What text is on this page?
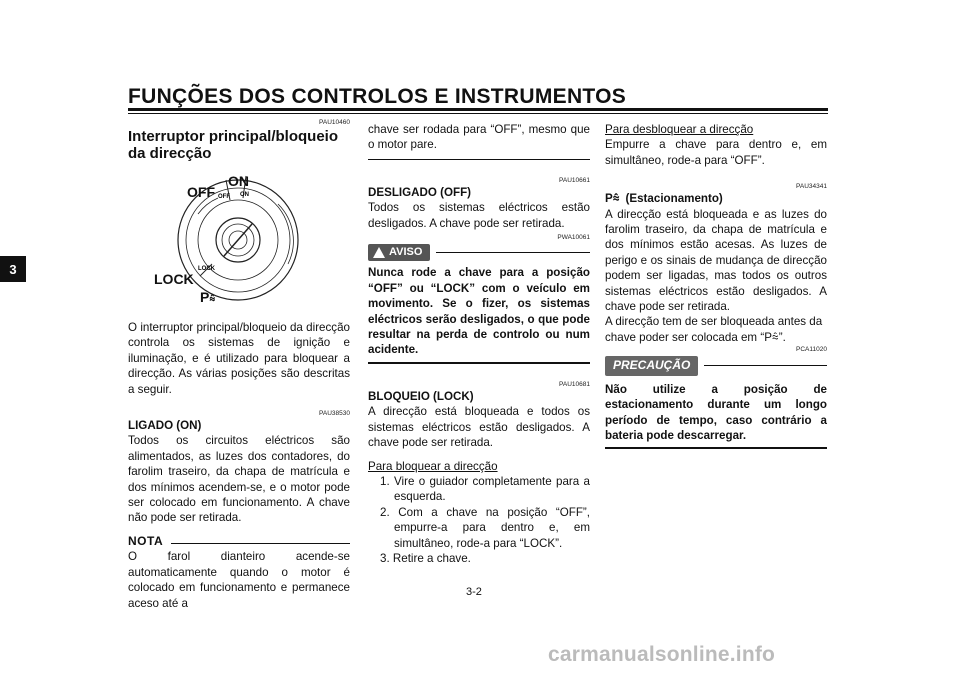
FUNÇÕES DOS CONTROLOS E INSTRUMENTOS
3
PAU10460
Interruptor principal/bloqueio da direcção
ON
OFF
LOCK
OFF
ON
LOCK
P⩯
O interruptor principal/bloqueio da direcção controla os sistemas de ignição e iluminação, e é utilizado para bloquear a direcção. As várias posições são descritas a seguir.
PAU38530
LIGADO (ON)
Todos os circuitos eléctricos são alimentados, as luzes dos contadores, do farolim traseiro, da chapa de matrícula e dos mínimos acendem-se, e o motor pode ser colocado em funcionamento. A chave não pode ser retirada.
NOTA
O farol dianteiro acende-se automaticamente quando o motor é colocado em funcionamento e permanece aceso até a
chave ser rodada para “OFF”, mesmo que o motor pare.
PAU10661
DESLIGADO (OFF)
Todos os sistemas eléctricos estão desligados. A chave pode ser retirada.
PWA10061
AVISO
Nunca rode a chave para a posição “OFF” ou “LOCK” com o veículo em movimento. Se o fizer, os sistemas eléctricos serão desligados, o que pode resultar na perda de controlo ou num acidente.
PAU10681
BLOQUEIO (LOCK)
A direcção está bloqueada e todos os sistemas eléctricos estão desligados. A chave pode ser retirada.
Para bloquear a direcção
1. Vire o guiador completamente para a esquerda.
2. Com a chave na posição “OFF”, empurre-a para dentro e, em simultâneo, rode-a para “LOCK”.
3. Retire a chave.
Para desbloquear a direcção
Empurre a chave para dentro e, em simultâneo, rode-a para “OFF”.
PAU34341
P⩯ (Estacionamento)
A direcção está bloqueada e as luzes do farolim traseiro, da chapa de matrícula e dos mínimos estão acesas. As luzes de perigo e os sinais de mudança de direcção podem ser ligadas, mas todos os outros sistemas eléctricos estão desligados. A chave pode ser retirada.
A direcção tem de ser bloqueada antes da chave poder ser colocada em “P⩯”.
PCA11020
PRECAUÇÃO
Não utilize a posição de estacionamento durante um longo período de tempo, caso contrário a bateria pode descarregar.
3-2
carmanualsonline.info
